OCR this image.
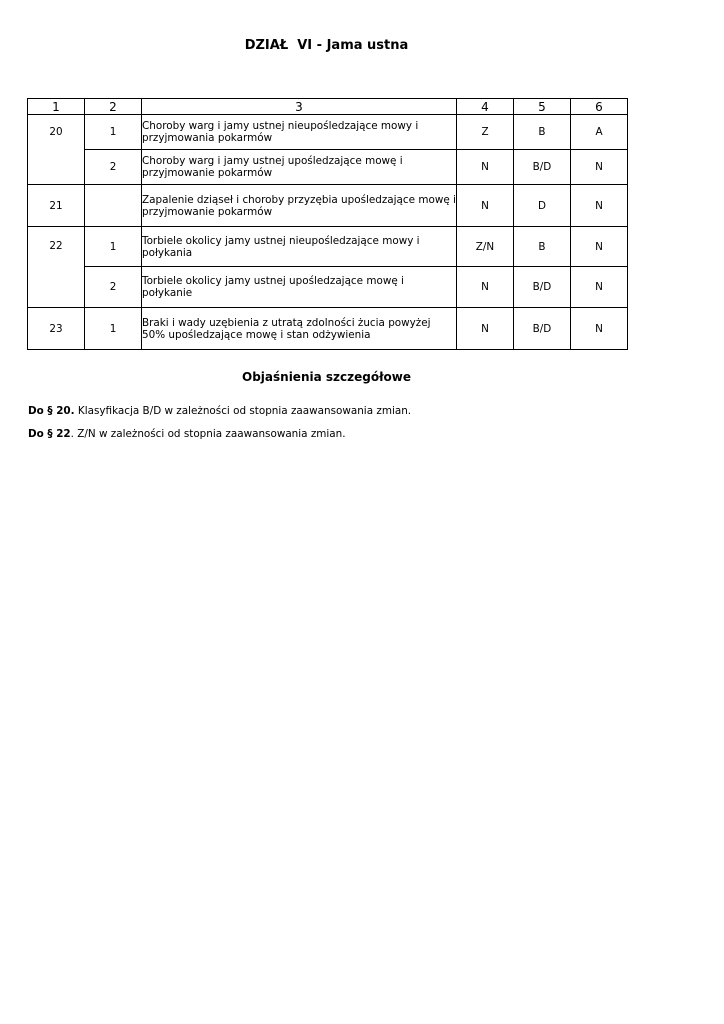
DZIAŁ  VI - Jama ustna
1	2	3	4	5	6
20	1	Choroby warg i jamy ustnej nieupośledzające mowy i przyjmowania pokarmów	Z	B	A
	2	Choroby warg i jamy ustnej upośledzające mowę i przyjmowanie pokarmów	N	B/D	N
21		Zapalenie dziąseł i choroby przyzębia upośledzające mowę i przyjmowanie pokarmów	N	D	N
22	1	Torbiele okolicy jamy ustnej nieupośledzające mowy i połykania	Z/N	B	N
	2	Torbiele okolicy jamy ustnej upośledzające mowę i połykanie	N	B/D	N
23	1	Braki i wady uzębienia z utratą zdolności żucia powyżej 50% upośledzające mowę i stan odżywienia	N	B/D	N
Objaśnienia szczegółowe
Do § 20. Klasyfikacja B/D w zależności od stopnia zaawansowania zmian.
Do § 22. Z/N w zależności od stopnia zaawansowania zmian.
